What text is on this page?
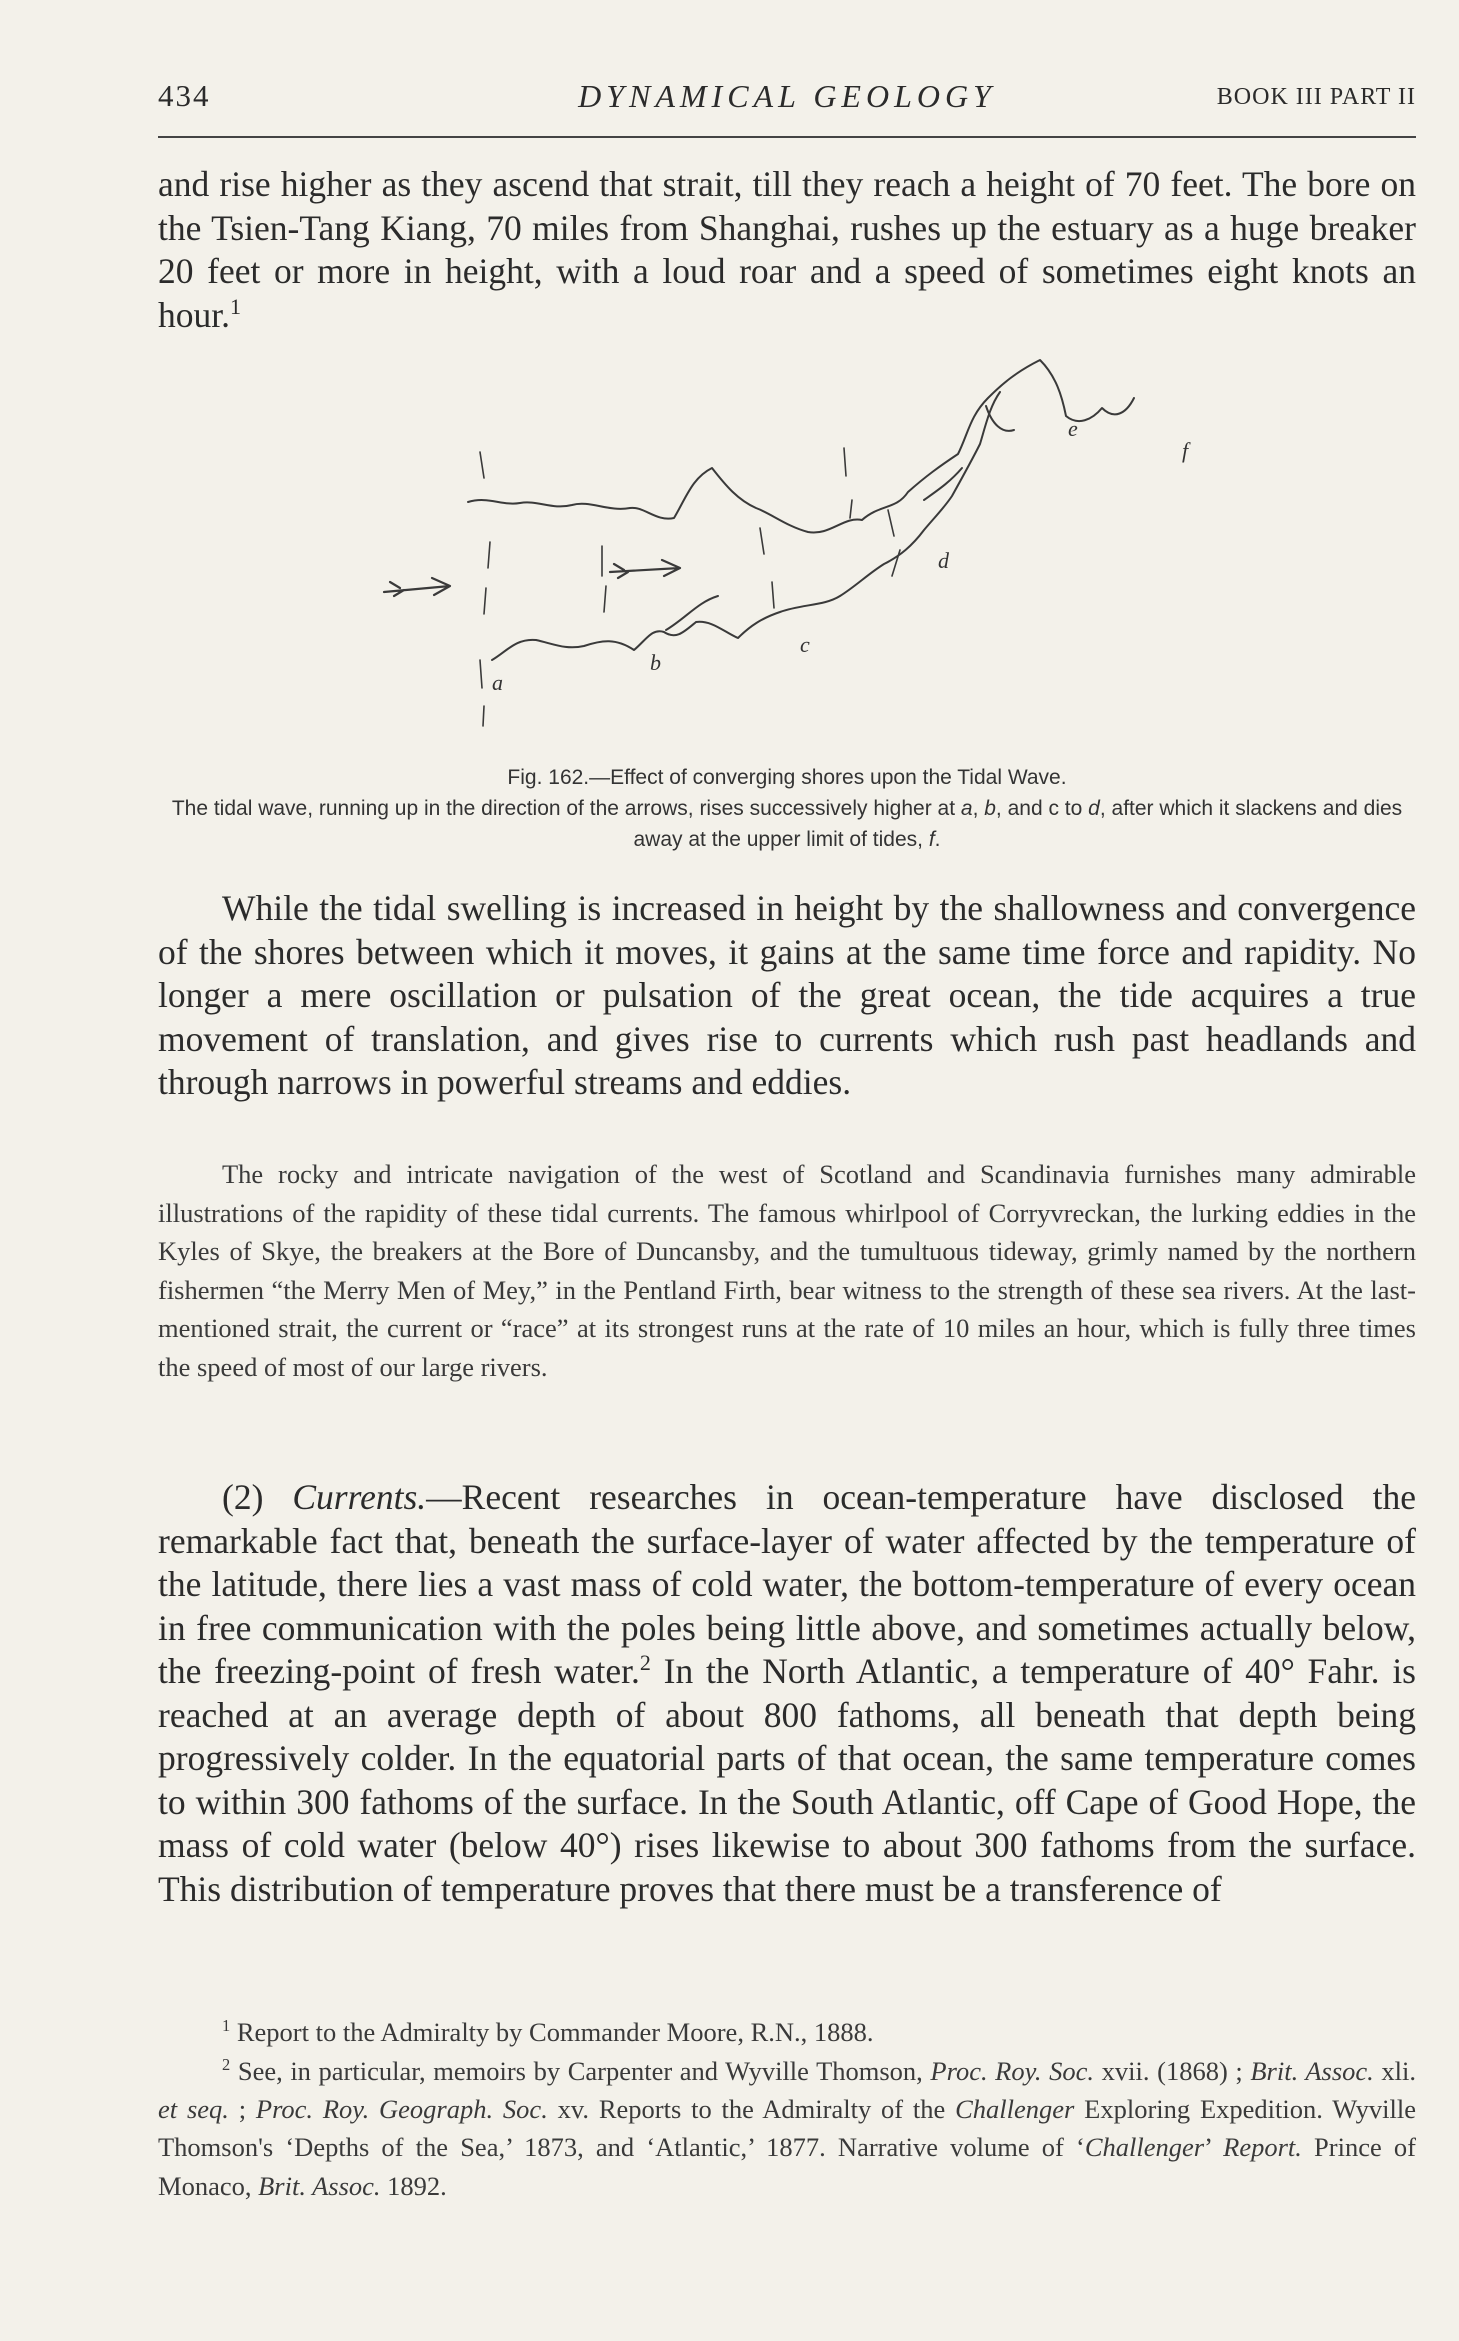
434	DYNAMICAL GEOLOGY	BOOK III PART II
and rise higher as they ascend that strait, till they reach a height of 70 feet. The bore on the Tsien-Tang Kiang, 70 miles from Shanghai, rushes up the estuary as a huge breaker 20 feet or more in height, with a loud roar and a speed of sometimes eight knots an hour.$^1$
a
b
c
d
e
f
Fig. 162.—Effect of converging shores upon the Tidal Wave.
The tidal wave, running up in the direction of the arrows, rises successively higher at a, b, and c to d, after which it slackens and dies away at the upper limit of tides, f.
While the tidal swelling is increased in height by the shallowness and convergence of the shores between which it moves, it gains at the same time force and rapidity. No longer a mere oscillation or pulsation of the great ocean, the tide acquires a true movement of translation, and gives rise to currents which rush past headlands and through narrows in powerful streams and eddies.
The rocky and intricate navigation of the west of Scotland and Scandinavia furnishes many admirable illustrations of the rapidity of these tidal currents. The famous whirlpool of Corryvreckan, the lurking eddies in the Kyles of Skye, the breakers at the Bore of Duncansby, and the tumultuous tideway, grimly named by the northern fishermen “the Merry Men of Mey,” in the Pentland Firth, bear witness to the strength of these sea rivers. At the last-mentioned strait, the current or “race” at its strongest runs at the rate of 10 miles an hour, which is fully three times the speed of most of our large rivers.
(2) Currents.—Recent researches in ocean-temperature have disclosed the remarkable fact that, beneath the surface-layer of water affected by the temperature of the latitude, there lies a vast mass of cold water, the bottom-temperature of every ocean in free communication with the poles being little above, and sometimes actually below, the freezing-point of fresh water.$^2$ In the North Atlantic, a temperature of 40° Fahr. is reached at an average depth of about 800 fathoms, all beneath that depth being progressively colder. In the equatorial parts of that ocean, the same temperature comes to within 300 fathoms of the surface. In the South Atlantic, off Cape of Good Hope, the mass of cold water (below 40°) rises likewise to about 300 fathoms from the surface. This distribution of temperature proves that there must be a transference of
$^1$ Report to the Admiralty by Commander Moore, R.N., 1888.
$^2$ See, in particular, memoirs by Carpenter and Wyville Thomson, Proc. Roy. Soc. xvii. (1868) ; Brit. Assoc. xli. et seq. ; Proc. Roy. Geograph. Soc. xv. Reports to the Admiralty of the Challenger Exploring Expedition. Wyville Thomson's ‘Depths of the Sea,’ 1873, and ‘Atlantic,’ 1877. Narrative volume of ‘Challenger’ Report. Prince of Monaco, Brit. Assoc. 1892.
